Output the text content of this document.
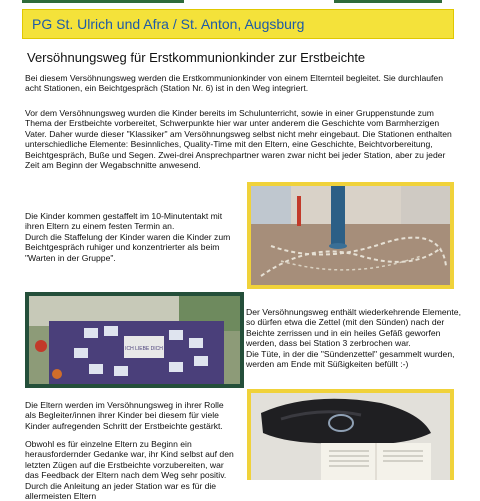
PG St. Ulrich und Afra / St. Anton, Augsburg
Versöhnungsweg für Erstkommunionkinder zur Erstbeichte
Bei diesem Versöhnungsweg werden die Erstkommunionkinder von einem Elternteil begleitet. Sie durchlaufen acht Stationen, ein Beichtgespräch (Station Nr. 6) ist in den Weg integriert.
Vor dem Versöhnungsweg wurden die Kinder bereits im Schulunterricht, sowie in einer Gruppenstunde zum Thema der Erstbeichte vorbereitet, Schwerpunkte hier war unter anderem die Geschichte vom Barmherzigen Vater. Daher wurde dieser "Klassiker" am Versöhnungsweg selbst nicht mehr eingebaut. Die Stationen enthalten unterschiedliche Elemente: Besinnliches, Quality-Time mit den Eltern, eine Geschichte, Beichtvorbereitung, Beichtgespräch, Buße und Segen. Zwei-drei Ansprechpartner waren zwar nicht bei jeder Station, aber zu jeder Zeit am Beginn der Wegabschnitte anwesend.
Die Kinder kommen gestaffelt im 10-Minutentakt mit ihren Eltern zu einem festen Termin an.
Durch die Staffelung der Kinder waren die Kinder zum Beichtgespräch ruhiger und konzentrierter als beim "Warten in der Gruppe".
ICH LIEBE DICH
Der Versöhnungsweg enthält wiederkehrende Elemente, so dürfen etwa die Zettel (mit den Sünden) nach der Beichte zerrissen und in ein heiles Gefäß geworfen werden, dass bei Station 3 zerbrochen war.
Die Tüte, in der die "Sündenzettel" gesammelt wurden, werden am Ende mit Süßigkeiten befüllt :-)
Die Eltern werden im Versöhnungsweg in ihrer Rolle als Begleiter/innen ihrer Kinder bei diesem für viele Kinder aufregenden Schritt der Erstbeichte gestärkt.
Obwohl es für einzelne Eltern zu Beginn ein herausfordernder Gedanke war, ihr Kind selbst auf den letzten Zügen auf die Erstbeichte vorzubereiten, war das Feedback der Eltern nach dem Weg sehr positiv. Durch die Anleitung an jeder Station war es für die allermeisten Eltern
